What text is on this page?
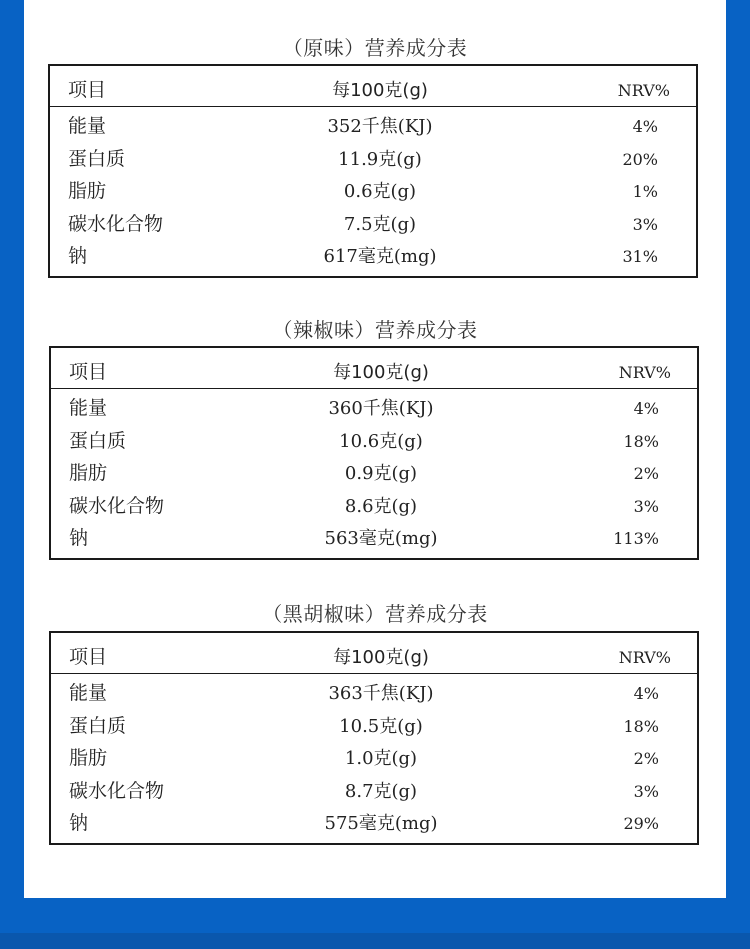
（原味）营养成分表
项目	每100克(g)	NRV%
能量	352千焦(KJ)	4%
蛋白质	11.9克(g)	20%
脂肪	0.6克(g)	1%
碳水化合物	7.5克(g)	3%
钠	617毫克(mg)	31%
（辣椒味）营养成分表
项目	每100克(g)	NRV%
能量	360千焦(KJ)	4%
蛋白质	10.6克(g)	18%
脂肪	0.9克(g)	2%
碳水化合物	8.6克(g)	3%
钠	563毫克(mg)	113%
（黑胡椒味）营养成分表
项目	每100克(g)	NRV%
能量	363千焦(KJ)	4%
蛋白质	10.5克(g)	18%
脂肪	1.0克(g)	2%
碳水化合物	8.7克(g)	3%
钠	575毫克(mg)	29%
